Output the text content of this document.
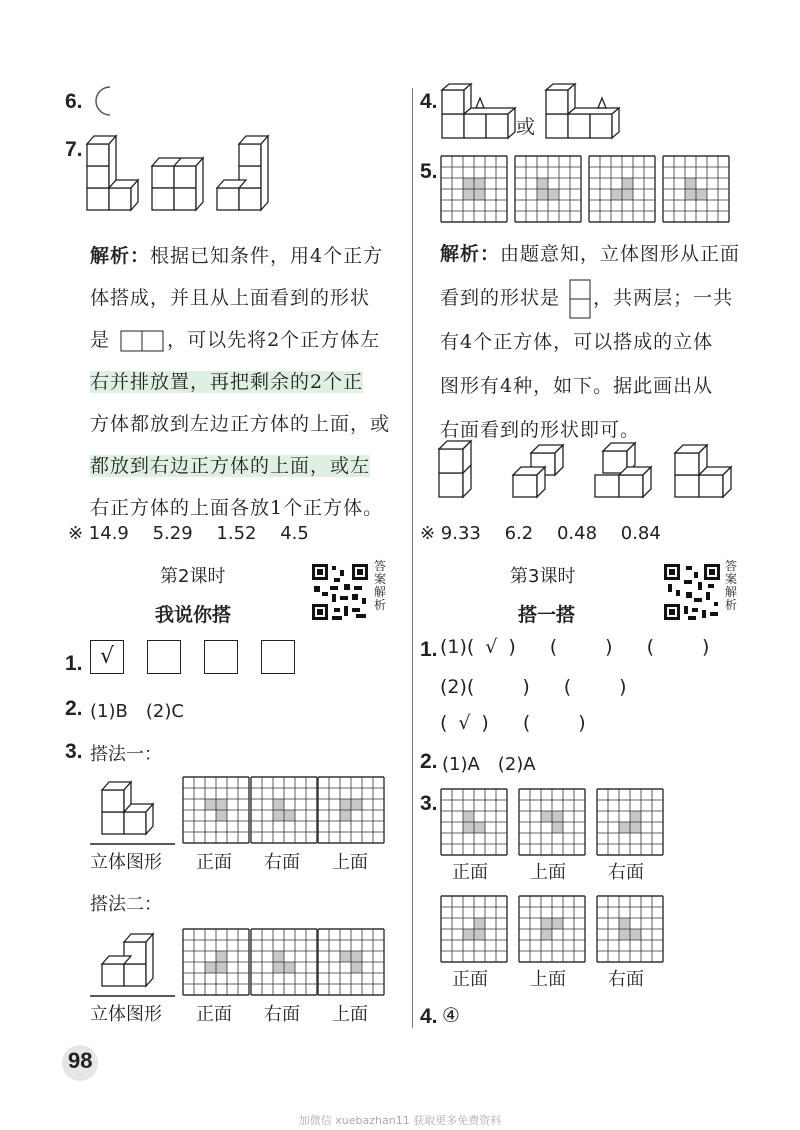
6.
7.
解析：根据已知条件，用4个正方
体搭成，并且从上面看到的形状
是	，可以先将2个正方体左
右并排放置，再把剩余的2个正
方体都放到左边正方体的上面，或
都放到右边正方体的上面，或左
右正方体的上面各放1个正方体。
※ 14.9　 5.29　 1.52　 4.5
第2课时
我说你搭
答
案
解
析
1. √
2. (1)B　(2)C
3. 搭法一：
立体图形 正面 右面 上面
搭法二：
立体图形 正面 右面 上面
98
4.
或
5.
解析：由题意知，立体图形从正面
看到的形状是 ，共两层；一共
有4个正方体，可以搭成的立体
图形有4种，如下。据此画出从
右面看到的形状即可。
※ 9.33　 6.2　 0.48　 0.84
第3课时
搭一搭
答
案
解
析
1. (1)( √ ) (	) (	)
(2)(	) (	)
( √ ) (	)
2. (1)A　(2)A
3.
正面 上面 右面
正面 上面 右面
4. ④
加微信 xuebazhan11 获取更多免费资料
